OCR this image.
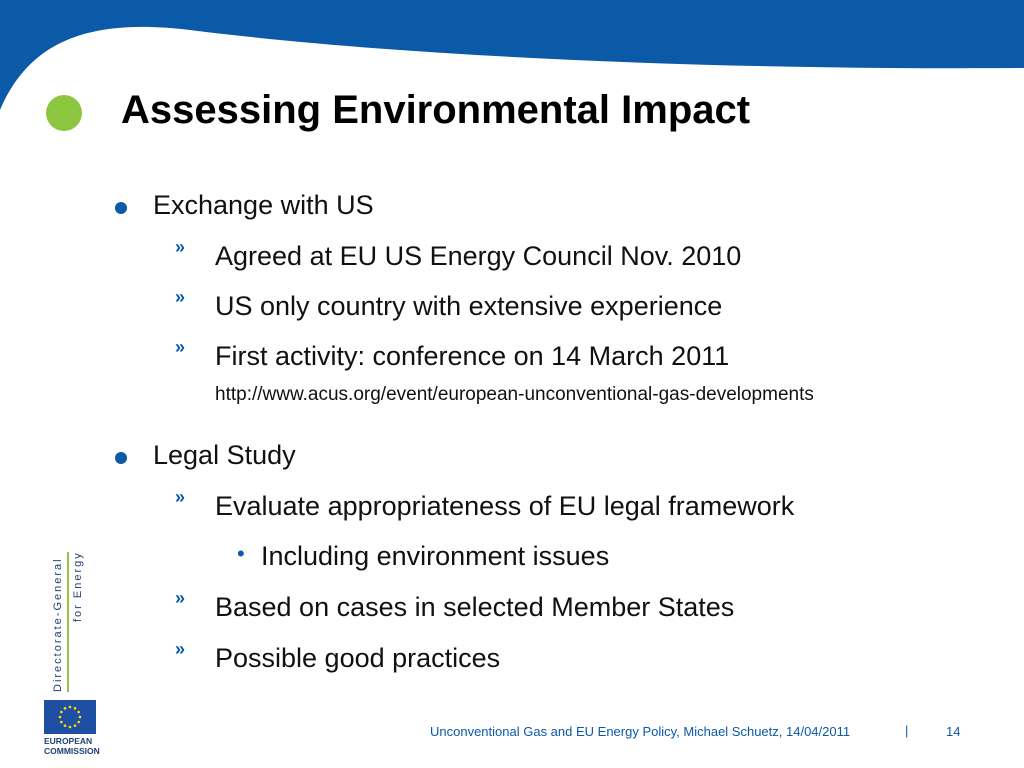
Assessing Environmental Impact
Exchange with US
» Agreed at EU US Energy Council Nov. 2010
» US only country with extensive experience
» First activity: conference on 14 March 2011
http://www.acus.org/event/european-unconventional-gas-developments
Legal Study
» Evaluate appropriateness of EU legal framework
• Including environment issues
» Based on cases in selected Member States
» Possible good practices
Directorate-General for Energy
EUROPEAN
COMMISSION
Unconventional Gas and EU Energy Policy, Michael Schuetz, 14/04/2011	|	14
